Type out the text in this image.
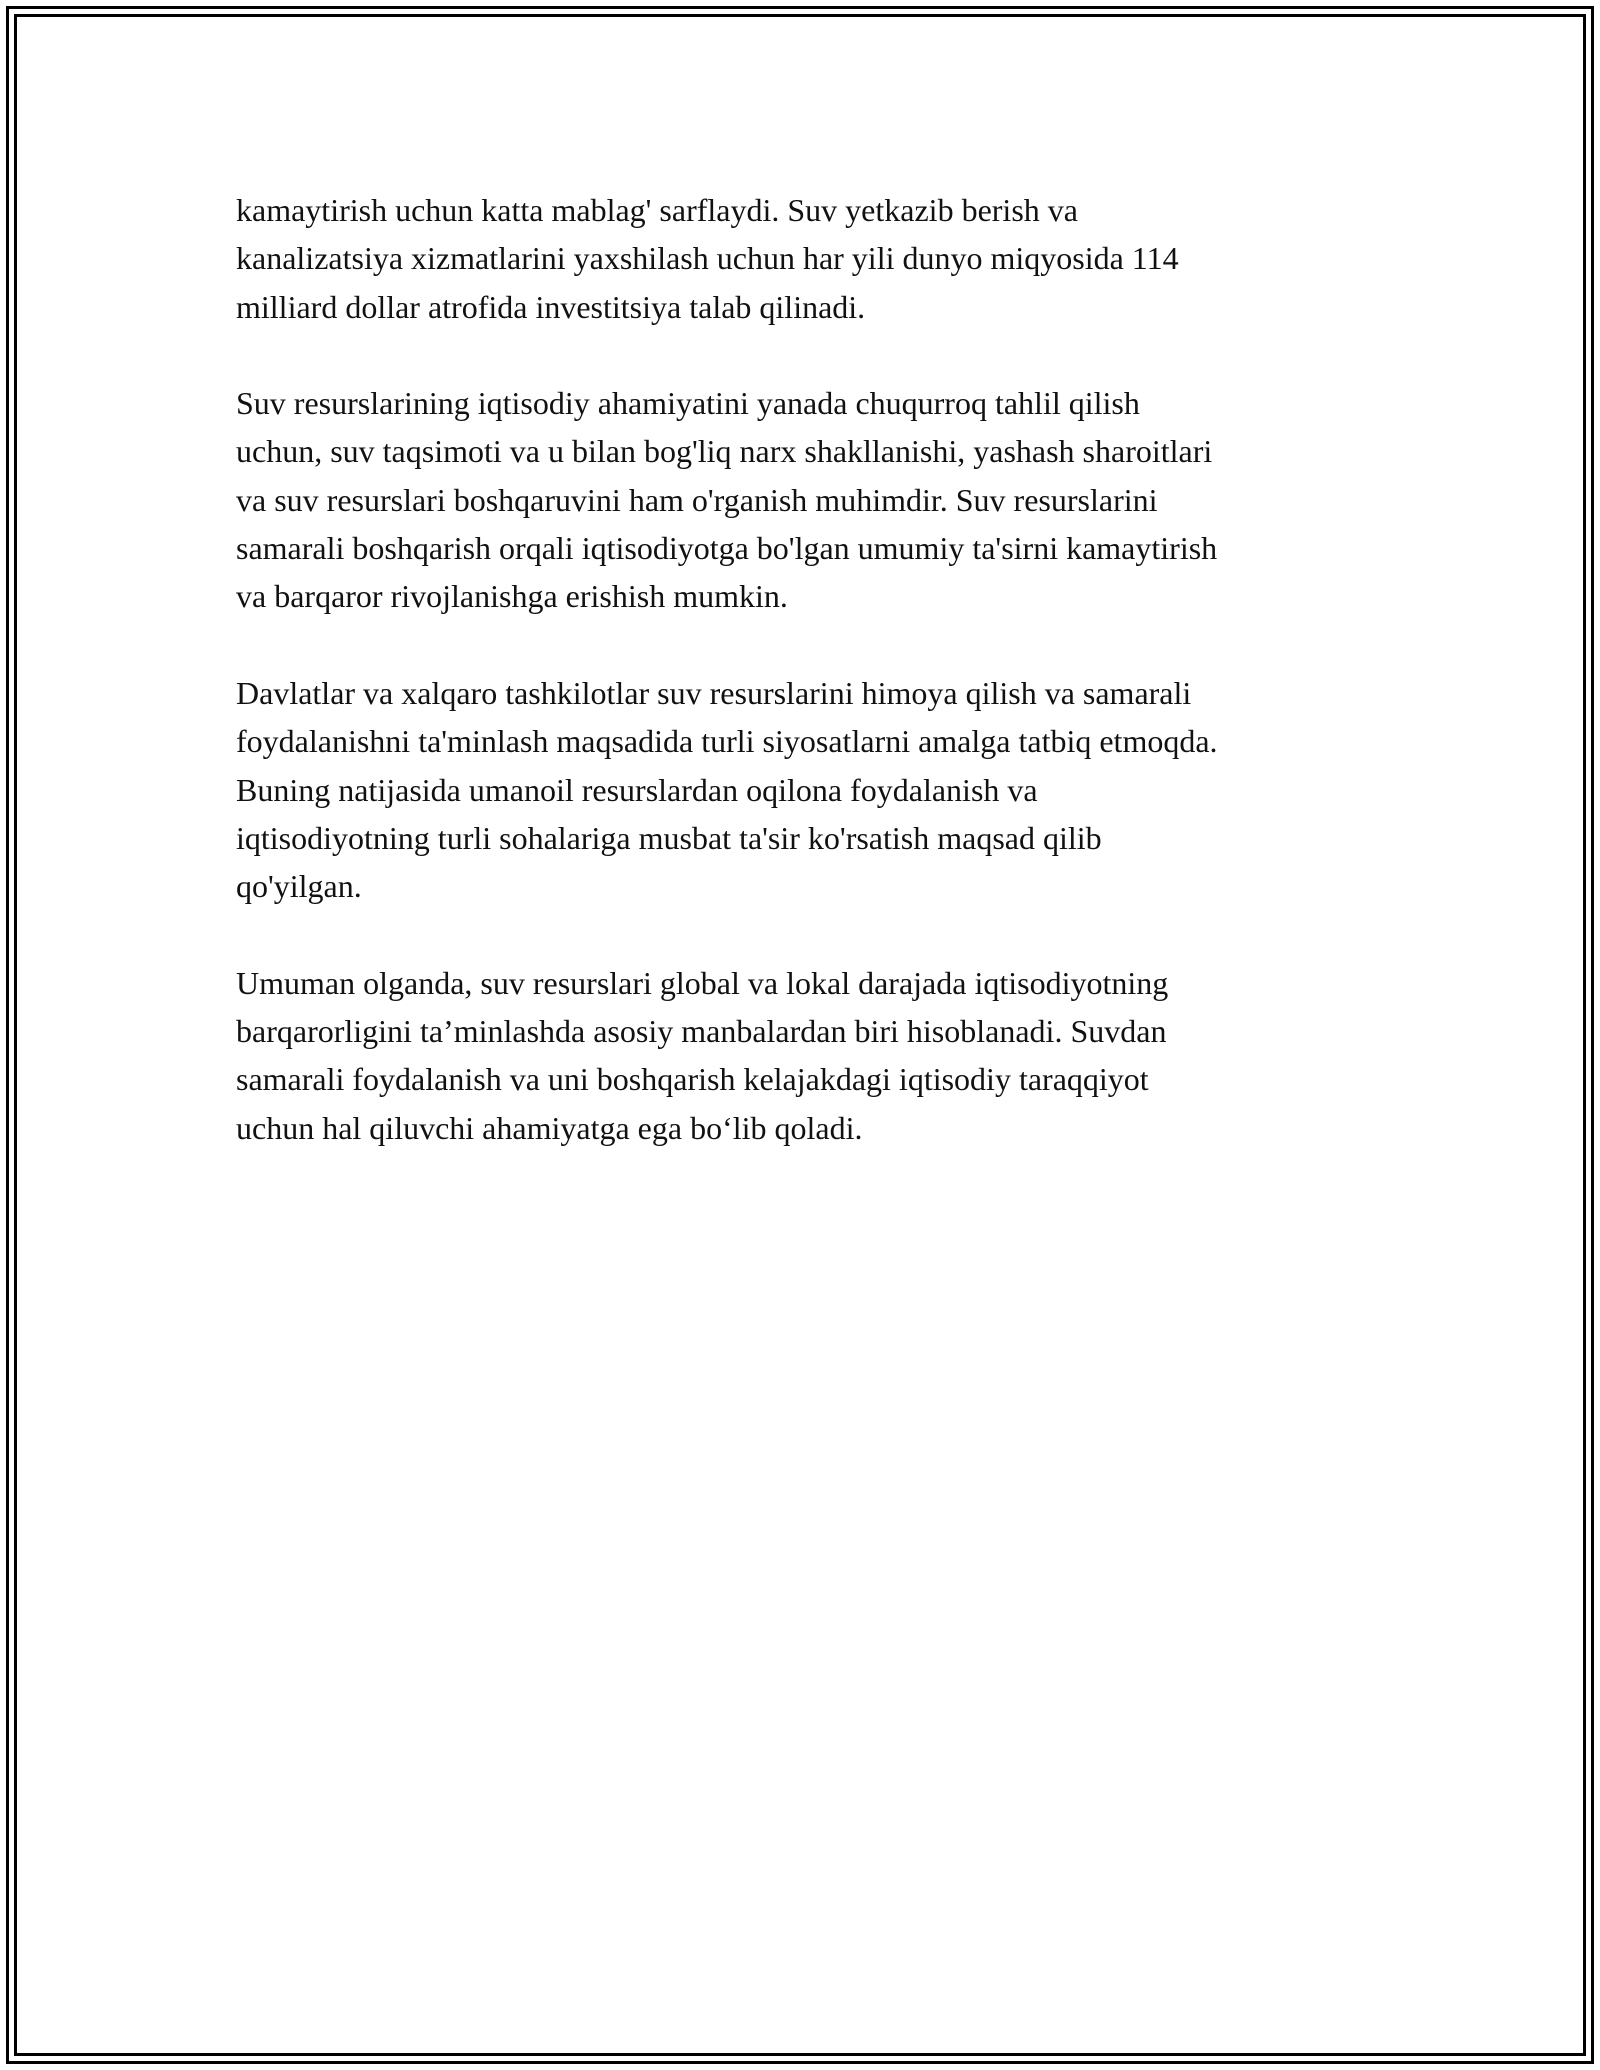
kamaytirish uchun katta mablag' sarflaydi. Suv yetkazib berish va
kanalizatsiya xizmatlarini yaxshilash uchun har yili dunyo miqyosida 114
milliard dollar atrofida investitsiya talab qilinadi.

Suv resurslarining iqtisodiy ahamiyatini yanada chuqurroq tahlil qilish
uchun, suv taqsimoti va u bilan bog'liq narx shakllanishi, yashash sharoitlari
va suv resurslari boshqaruvini ham o'rganish muhimdir. Suv resurslarini
samarali boshqarish orqali iqtisodiyotga bo'lgan umumiy ta'sirni kamaytirish
va barqaror rivojlanishga erishish mumkin.

Davlatlar va xalqaro tashkilotlar suv resurslarini himoya qilish va samarali
foydalanishni ta'minlash maqsadida turli siyosatlarni amalga tatbiq etmoqda.
Buning natijasida umanoil resurslardan oqilona foydalanish va
iqtisodiyotning turli sohalariga musbat ta'sir ko'rsatish maqsad qilib
qo'yilgan.

Umuman olganda, suv resurslari global va lokal darajada iqtisodiyotning
barqarorligini ta’minlashda asosiy manbalardan biri hisoblanadi. Suvdan
samarali foydalanish va uni boshqarish kelajakdagi iqtisodiy taraqqiyot
uchun hal qiluvchi ahamiyatga ega bo‘lib qoladi.
